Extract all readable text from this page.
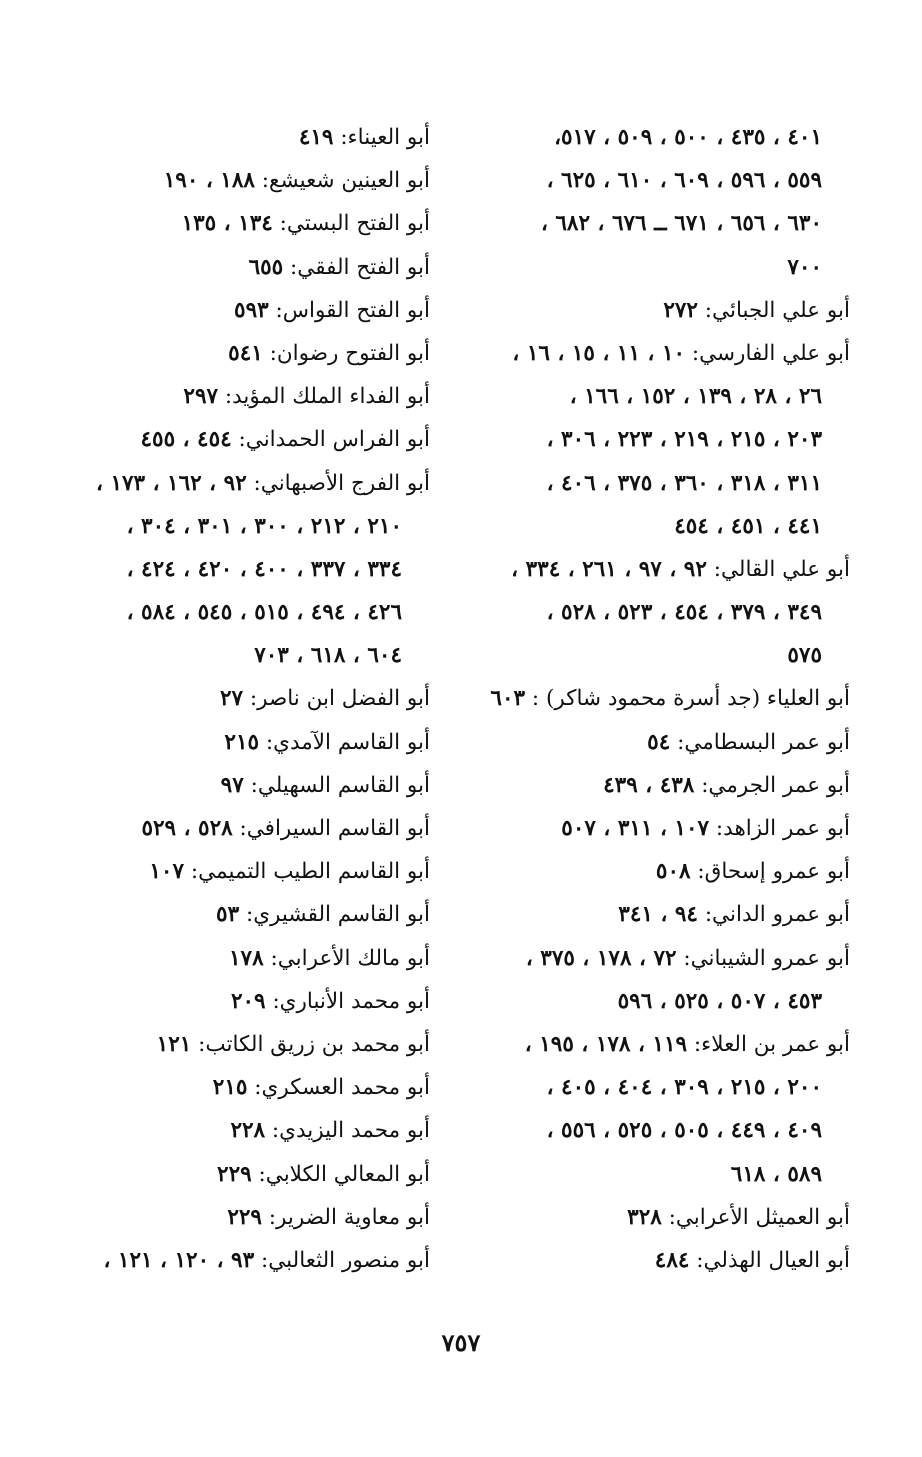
٤٠١ ، ٤٣٥ ، ٥٠٠ ، ٥٠٩ ، ٥١٧،
٥٥٩ ، ٥٩٦ ، ٦٠٩ ، ٦١٠ ، ٦٢٥ ،
٦٣٠ ، ٦٥٦ ، ٦٧١ ــ ٦٧٦ ، ٦٨٢ ،
٧٠٠
أبو علي الجبائي: ٢٧٢
أبو علي الفارسي: ١٠ ، ١١ ، ١٥ ، ١٦ ،
٢٦ ، ٢٨ ، ١٣٩ ، ١٥٢ ، ١٦٦ ،
٢٠٣ ، ٢١٥ ، ٢١٩ ، ٢٢٣ ، ٣٠٦ ،
٣١١ ، ٣١٨ ، ٣٦٠ ، ٣٧٥ ، ٤٠٦ ،
٤٤١ ، ٤٥١ ، ٤٥٤
أبو علي القالي: ٩٢ ، ٩٧ ، ٢٦١ ، ٣٣٤ ،
٣٤٩ ، ٣٧٩ ، ٤٥٤ ، ٥٢٣ ، ٥٢٨ ،
٥٧٥
أبو العلياء (جد أسرة محمود شاكر) : ٦٠٣
أبو عمر البسطامي: ٥٤
أبو عمر الجرمي: ٤٣٨ ، ٤٣٩
أبو عمر الزاهد: ١٠٧ ، ٣١١ ، ٥٠٧
أبو عمرو إسحاق: ٥٠٨
أبو عمرو الداني: ٩٤ ، ٣٤١
أبو عمرو الشيباني: ٧٢ ، ١٧٨ ، ٣٧٥ ،
٤٥٣ ، ٥٠٧ ، ٥٢٥ ، ٥٩٦
أبو عمر بن العلاء: ١١٩ ، ١٧٨ ، ١٩٥ ،
٢٠٠ ، ٢١٥ ، ٣٠٩ ، ٤٠٤ ، ٤٠٥ ،
٤٠٩ ، ٤٤٩ ، ٥٠٥ ، ٥٢٥ ، ٥٥٦ ،
٥٨٩ ، ٦١٨
أبو العميثل الأعرابي: ٣٢٨
أبو العيال الهذلي: ٤٨٤
أبو العيناء: ٤١٩
أبو العينين شعيشع: ١٨٨ ، ١٩٠
أبو الفتح البستي: ١٣٤ ، ١٣٥
أبو الفتح الفقي: ٦٥٥
أبو الفتح القواس: ٥٩٣
أبو الفتوح رضوان: ٥٤١
أبو الفداء الملك المؤيد: ٢٩٧
أبو الفراس الحمداني: ٤٥٤ ، ٤٥٥
أبو الفرج الأصبهاني: ٩٢ ، ١٦٢ ، ١٧٣ ،
٢١٠ ، ٢١٢ ، ٣٠٠ ، ٣٠١ ، ٣٠٤ ،
٣٣٤ ، ٣٣٧ ، ٤٠٠ ، ٤٢٠ ، ٤٢٤ ،
٤٢٦ ، ٤٩٤ ، ٥١٥ ، ٥٤٥ ، ٥٨٤ ،
٦٠٤ ، ٦١٨ ، ٧٠٣
أبو الفضل ابن ناصر: ٢٧
أبو القاسم الآمدي: ٢١٥
أبو القاسم السهيلي: ٩٧
أبو القاسم السيرافي: ٥٢٨ ، ٥٢٩
أبو القاسم الطيب التميمي: ١٠٧
أبو القاسم القشيري: ٥٣
أبو مالك الأعرابي: ١٧٨
أبو محمد الأنباري: ٢٠٩
أبو محمد بن زريق الكاتب: ١٢١
أبو محمد العسكري: ٢١٥
أبو محمد اليزيدي: ٢٢٨
أبو المعالي الكلابي: ٢٢٩
أبو معاوية الضرير: ٢٢٩
أبو منصور الثعالبي: ٩٣ ، ١٢٠ ، ١٢١ ،
٧٥٧
